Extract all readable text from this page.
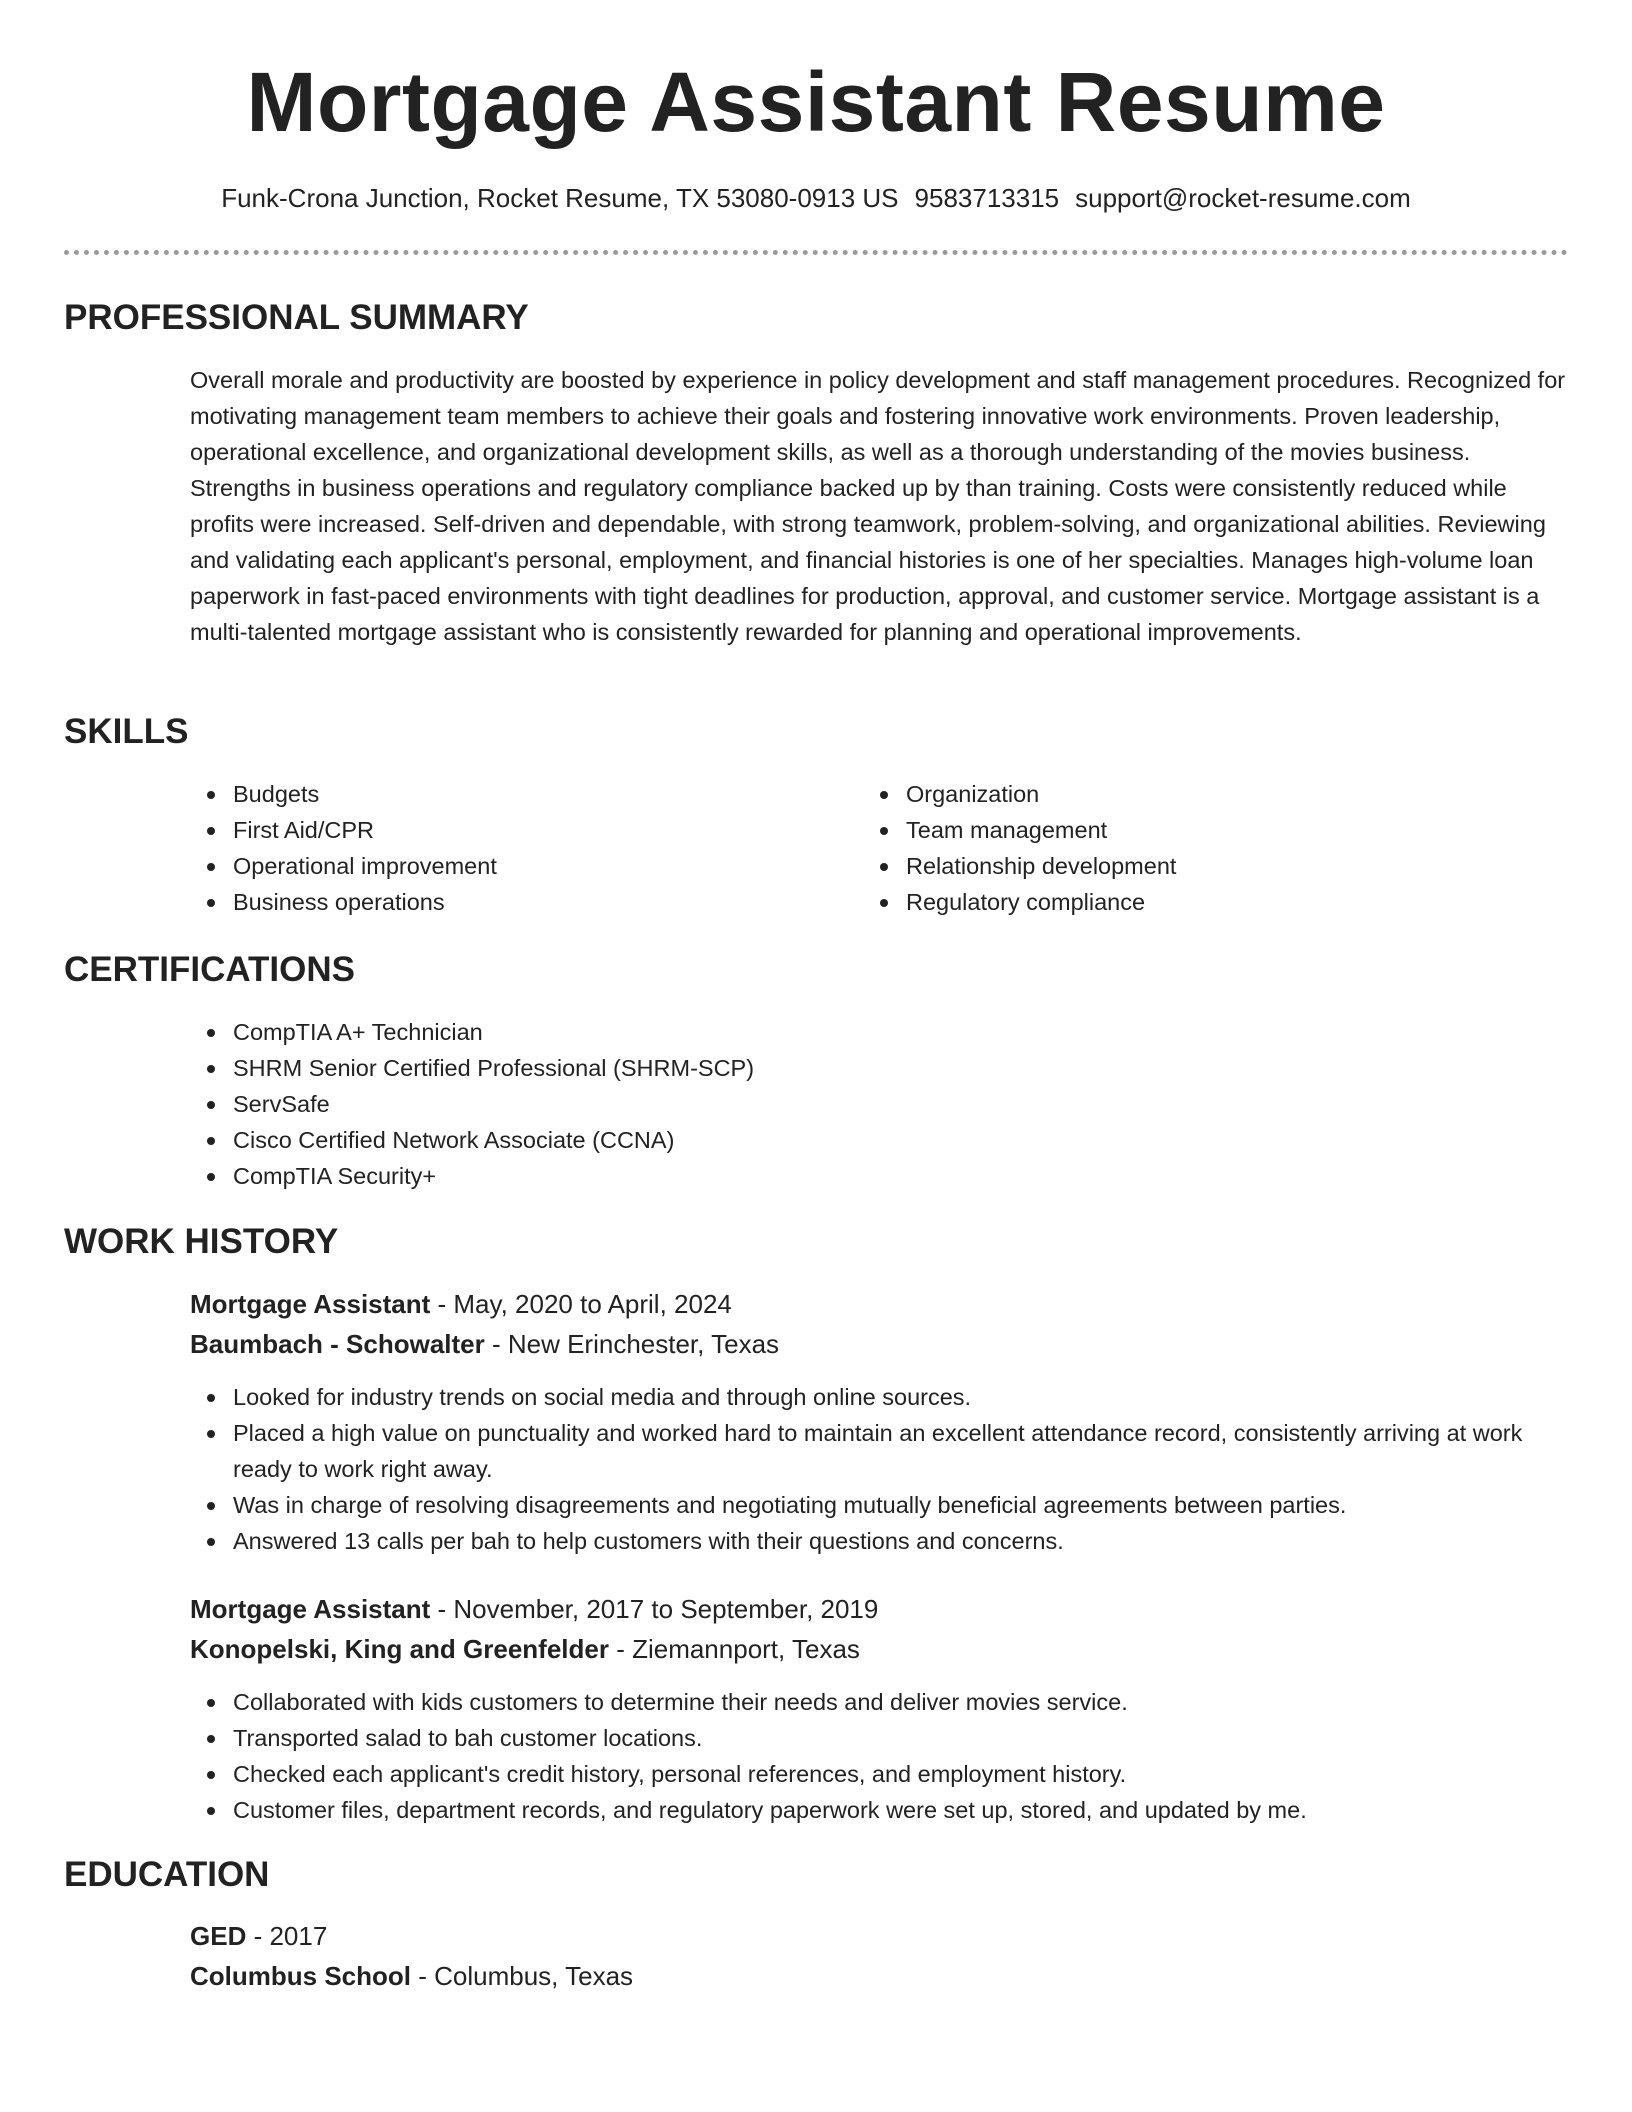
Mortgage Assistant Resume
Funk-Crona Junction, Rocket Resume, TX 53080-0913 US 9583713315 support@rocket-resume.com
PROFESSIONAL SUMMARY
Overall morale and productivity are boosted by experience in policy development and staff management procedures. Recognized for motivating management team members to achieve their goals and fostering innovative work environments. Proven leadership, operational excellence, and organizational development skills, as well as a thorough understanding of the movies business. Strengths in business operations and regulatory compliance backed up by than training. Costs were consistently reduced while profits were increased. Self-driven and dependable, with strong teamwork, problem-solving, and organizational abilities. Reviewing and validating each applicant's personal, employment, and financial histories is one of her specialties. Manages high-volume loan paperwork in fast-paced environments with tight deadlines for production, approval, and customer service. Mortgage assistant is a multi-talented mortgage assistant who is consistently rewarded for planning and operational improvements.
SKILLS
Budgets
First Aid/CPR
Operational improvement
Business operations
Organization
Team management
Relationship development
Regulatory compliance
CERTIFICATIONS
CompTIA A+ Technician
SHRM Senior Certified Professional (SHRM-SCP)
ServSafe
Cisco Certified Network Associate (CCNA)
CompTIA Security+
WORK HISTORY
Mortgage Assistant - May, 2020 to April, 2024
Baumbach - Schowalter - New Erinchester, Texas
Looked for industry trends on social media and through online sources.
Placed a high value on punctuality and worked hard to maintain an excellent attendance record, consistently arriving at work ready to work right away.
Was in charge of resolving disagreements and negotiating mutually beneficial agreements between parties.
Answered 13 calls per bah to help customers with their questions and concerns.
Mortgage Assistant - November, 2017 to September, 2019
Konopelski, King and Greenfelder - Ziemannport, Texas
Collaborated with kids customers to determine their needs and deliver movies service.
Transported salad to bah customer locations.
Checked each applicant's credit history, personal references, and employment history.
Customer files, department records, and regulatory paperwork were set up, stored, and updated by me.
EDUCATION
GED - 2017
Columbus School - Columbus, Texas
